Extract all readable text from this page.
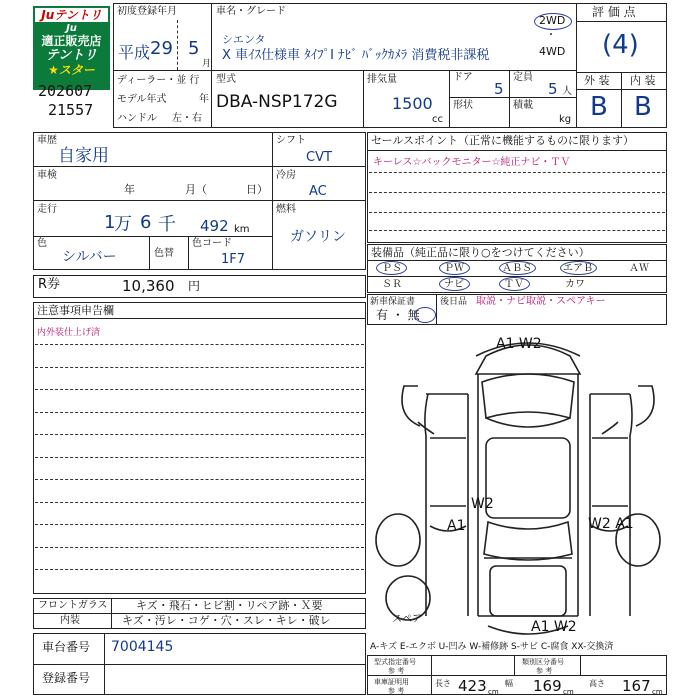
Juテントリ
Ju
適正販売店
テントリ
★スター
202607
21557
初度登録年月
平成 29 5
月
車名・グレード
シエンタ
X 車ｲｽ仕様車 ﾀｲﾌﾟI ﾅﾋﾞ ﾊﾞｯｸｶﾒﾗ 消費税非課税
2WD
・
4WD
評 価 点
(4)
ディーラー・並 行
モデル年式	年
ハンドル 左・右
型式
DBA-NSP172G
排気量
1500
cc
ドア
5
定員
5 人
形状	積載
kg
外 装 内 装
B B
車歴
自家用
車検
年	月（	日）
走行
1
万 6 千 492 km
色
シルバー	色替
色コード
1F7
シフト
CVT
冷房
AC
燃料
ガソリン
R券	10,360 円
セールスポイント（正常に機能するものに限ります）
キーレス☆バックモニター☆純正ナビ・ＴＶ
装備品（純正品に限り○をつけてください）
ＰＳ	ＰＷ	ＡＢＳ	エアＢ	ＡＷ
ＳＲ	ナビ	ＴＶ	カワ
新車保証書
有 ・ 無
後日品 取説・ナビ取説・スペアキー
注意事項申告欄
内外装仕上げ済
A1 W2
W2
A1	W2 A1
A1 W2
スペア
フロントガラス	キズ・飛石・ヒビ割・リペア跡・Ｘ要
内装	キズ・汚レ・コゲ・穴・スレ・キレ・破レ
A-キズ E-エクボ U-凹み W-補修跡 S-サビ C-腐食 XX-交換済
車台番号 7004145
登録番号
型式指定番号
参 考
類別区分番号
参 考
車庫証明用
参 考
長さ 423 cm
幅 169 cm
高さ 167 cm
